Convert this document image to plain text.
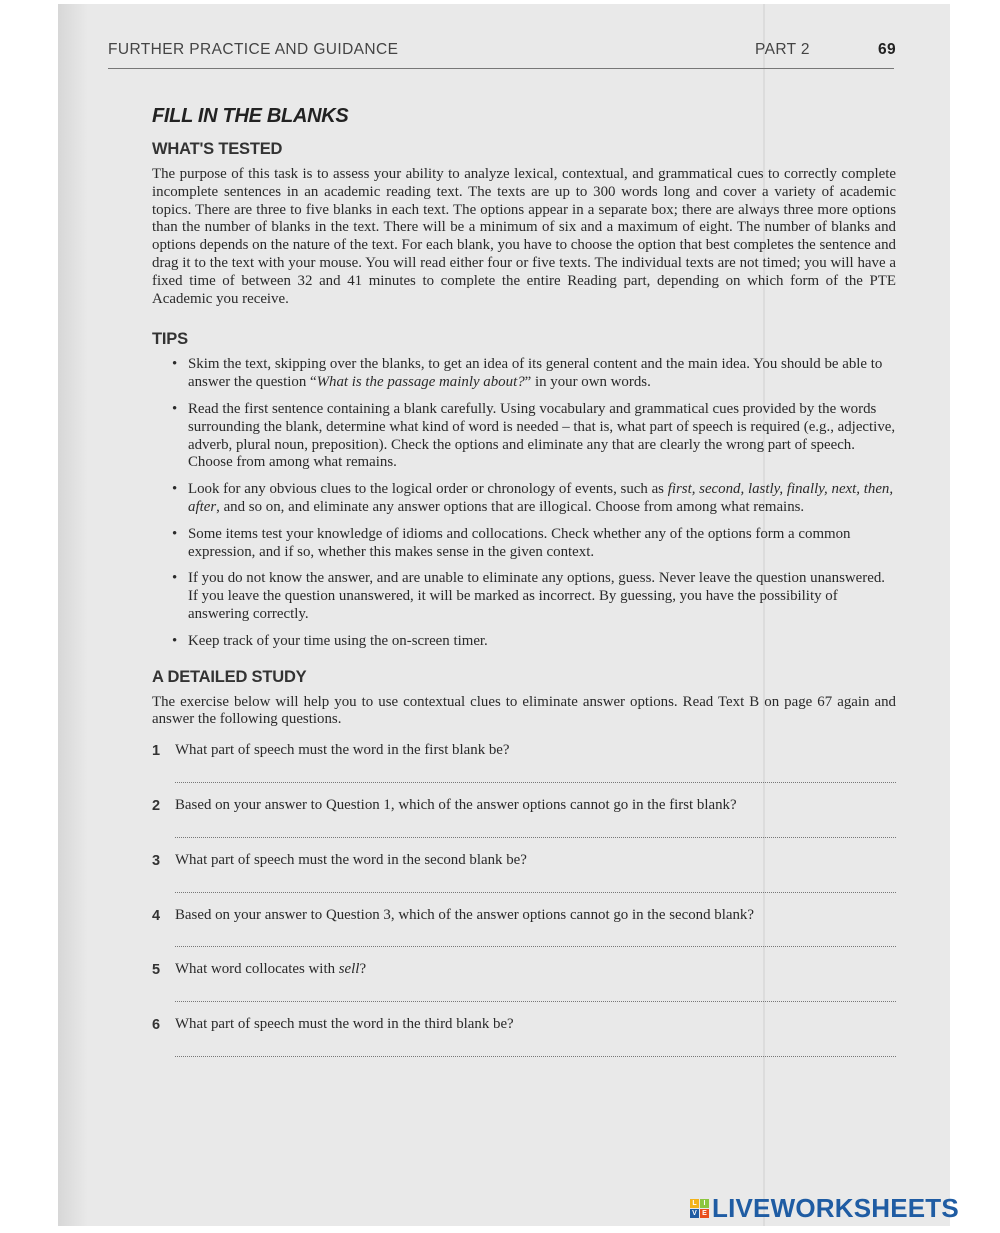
FURTHER PRACTICE AND GUIDANCE	PART 2	69
FILL IN THE BLANKS
WHAT'S TESTED

The purpose of this task is to assess your ability to analyze lexical, contextual, and grammatical cues to correctly complete incomplete sentences in an academic reading text. The texts are up to 300 words long and cover a variety of academic topics. There are three to five blanks in each text. The options appear in a separate box; there are always three more options than the number of blanks in the text. There will be a minimum of six and a maximum of eight. The number of blanks and options depends on the nature of the text. For each blank, you have to choose the option that best completes the sentence and drag it to the text with your mouse. You will read either four or five texts. The individual texts are not timed; you will have a fixed time of between 32 and 41 minutes to complete the entire Reading part, depending on which form of the PTE Academic you receive.

TIPS
• Skim the text, skipping over the blanks, to get an idea of its general content and the main idea. You should be able to answer the question “What is the passage mainly about?” in your own words.
• Read the first sentence containing a blank carefully. Using vocabulary and grammatical cues provided by the words surrounding the blank, determine what kind of word is needed – that is, what part of speech is required (e.g., adjective, adverb, plural noun, preposition). Check the options and eliminate any that are clearly the wrong part of speech. Choose from among what remains.
• Look for any obvious clues to the logical order or chronology of events, such as first, second, lastly, finally, next, then, after, and so on, and eliminate any answer options that are illogical. Choose from among what remains.
• Some items test your knowledge of idioms and collocations. Check whether any of the options form a common expression, and if so, whether this makes sense in the given context.
• If you do not know the answer, and are unable to eliminate any options, guess. Never leave the question unanswered. If you leave the question unanswered, it will be marked as incorrect. By guessing, you have the possibility of answering correctly.
• Keep track of your time using the on-screen timer.
A DETAILED STUDY

The exercise below will help you to use contextual clues to eliminate answer options. Read Text B on page 67 again and answer the following questions.

1 What part of speech must the word in the first blank be?
2 Based on your answer to Question 1, which of the answer options cannot go in the first blank?
3 What part of speech must the word in the second blank be?
4 Based on your answer to Question 3, which of the answer options cannot go in the second blank?
5 What word collocates with sell?
6 What part of speech must the word in the third blank be?
L I
V E LIVEWORKSHEETS
